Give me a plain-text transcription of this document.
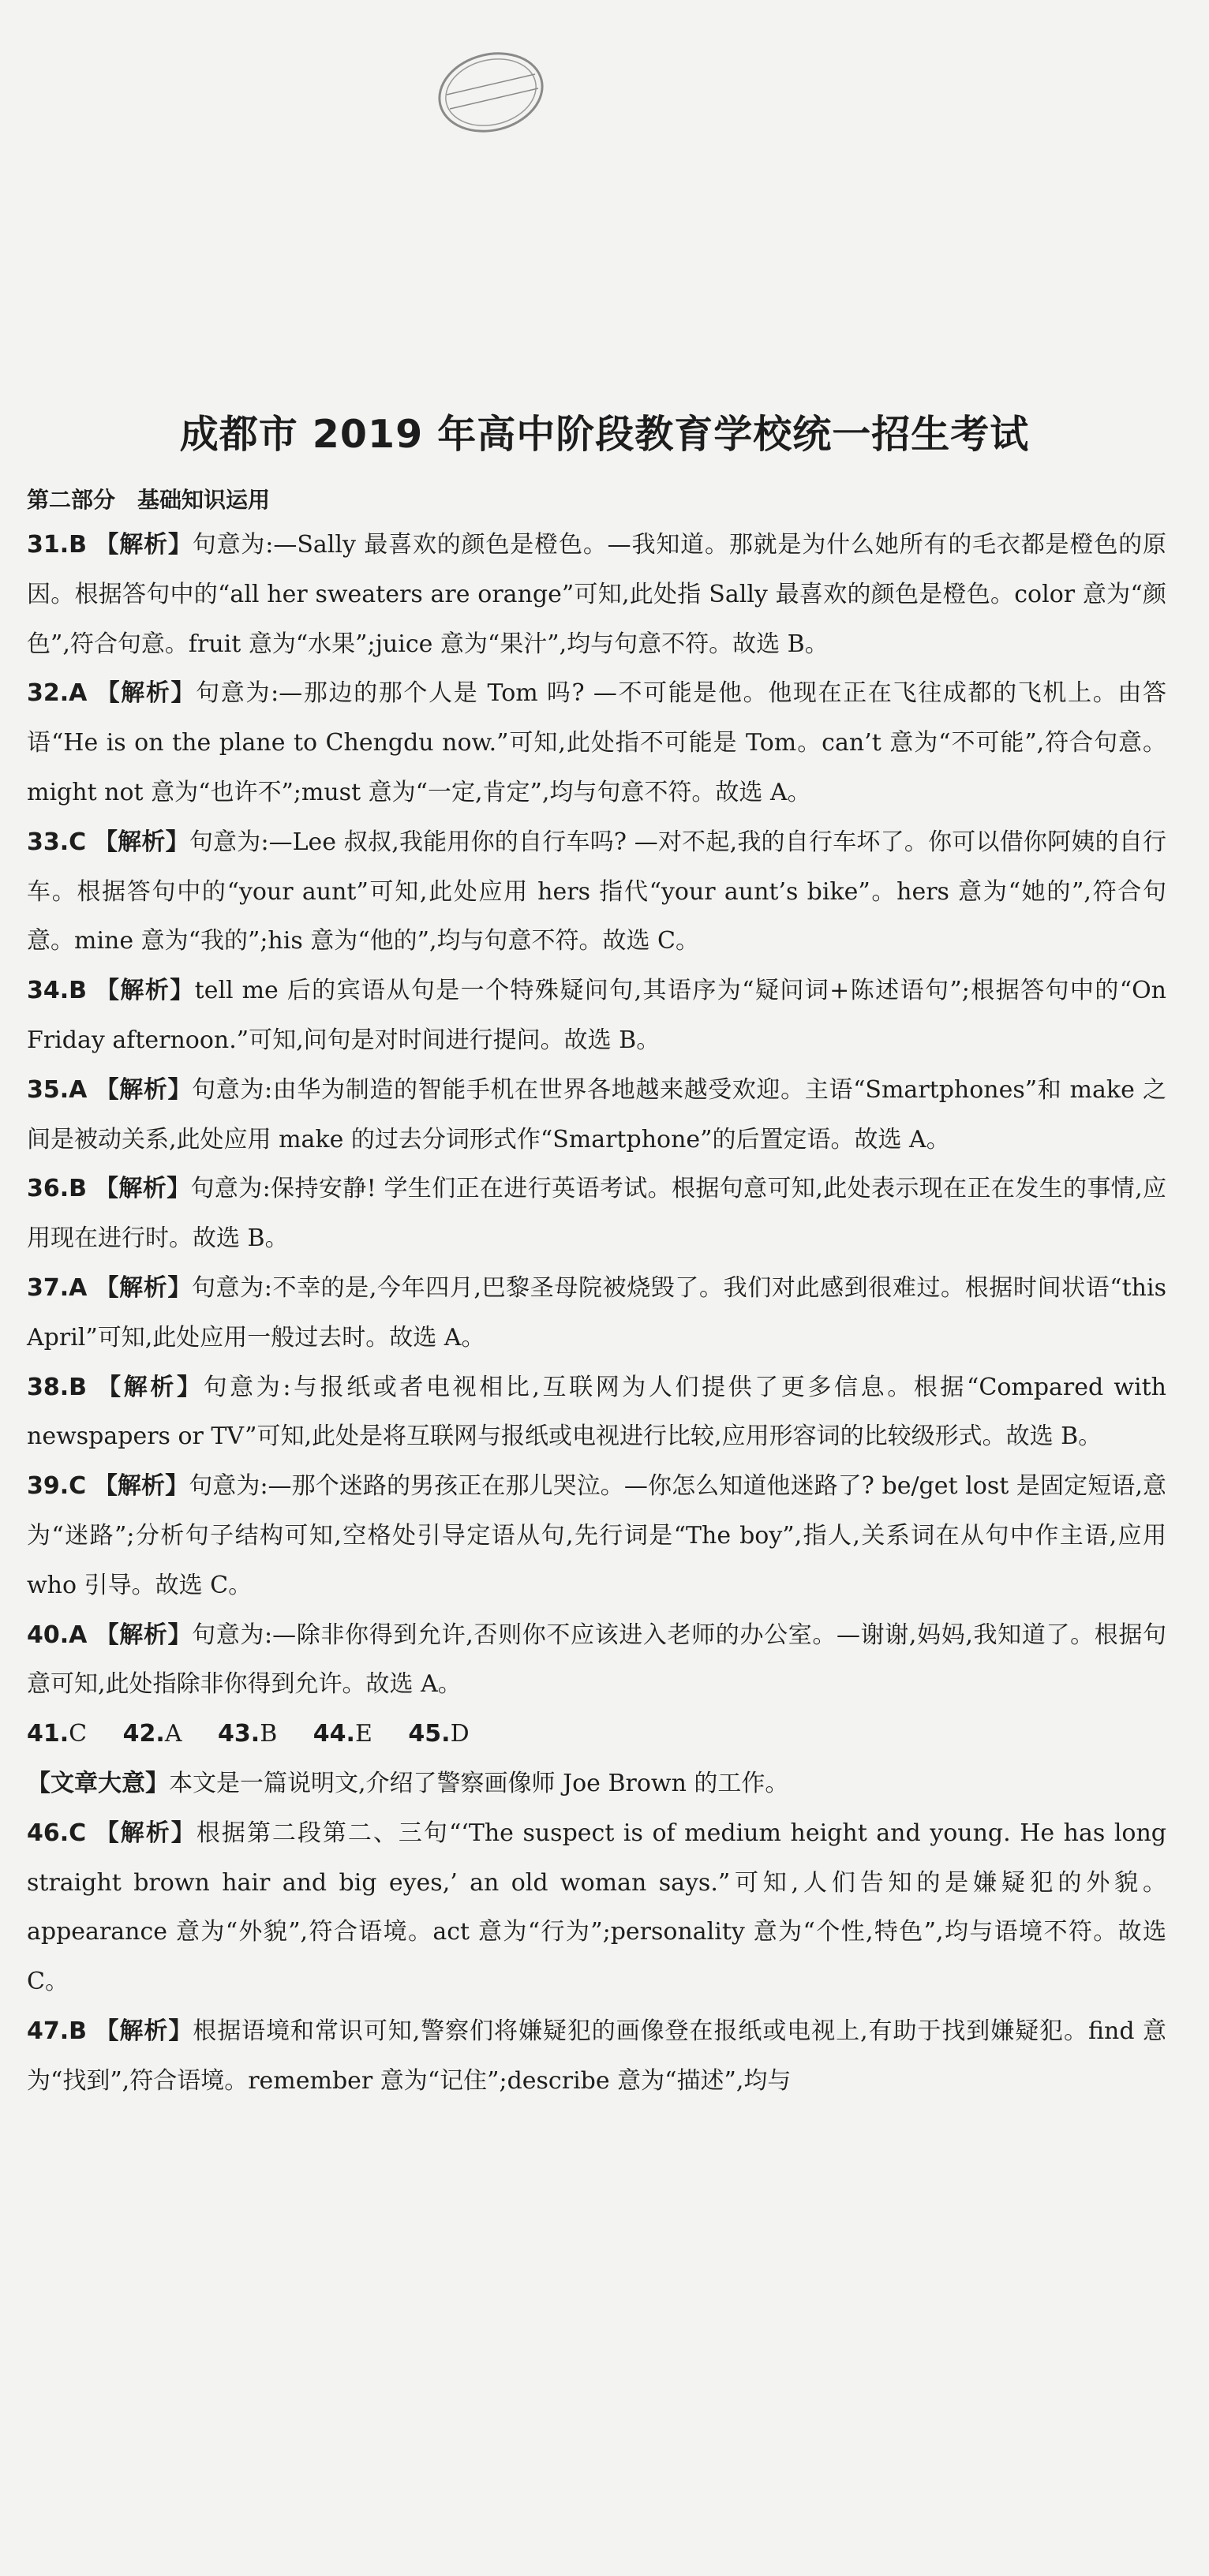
成都市 2019 年高中阶段教育学校统一招生考试
第二部分　基础知识运用
31.B 【解析】句意为:—Sally 最喜欢的颜色是橙色。—我知道。那就是为什么她所有的毛衣都是橙色的原因。根据答句中的“all her sweaters are orange”可知,此处指 Sally 最喜欢的颜色是橙色。color 意为“颜色”,符合句意。fruit 意为“水果”;juice 意为“果汁”,均与句意不符。故选 B。
32.A 【解析】句意为:—那边的那个人是 Tom 吗? —不可能是他。他现在正在飞往成都的飞机上。由答语“He is on the plane to Chengdu now.”可知,此处指不可能是 Tom。can’t 意为“不可能”,符合句意。might not 意为“也许不”;must 意为“一定,肯定”,均与句意不符。故选 A。
33.C 【解析】句意为:—Lee 叔叔,我能用你的自行车吗? —对不起,我的自行车坏了。你可以借你阿姨的自行车。根据答句中的“your aunt”可知,此处应用 hers 指代“your aunt’s bike”。hers 意为“她的”,符合句意。mine 意为“我的”;his 意为“他的”,均与句意不符。故选 C。
34.B 【解析】tell me 后的宾语从句是一个特殊疑问句,其语序为“疑问词+陈述语句”;根据答句中的“On Friday afternoon.”可知,问句是对时间进行提问。故选 B。
35.A 【解析】句意为:由华为制造的智能手机在世界各地越来越受欢迎。主语“Smartphones”和 make 之间是被动关系,此处应用 make 的过去分词形式作“Smartphone”的后置定语。故选 A。
36.B 【解析】句意为:保持安静! 学生们正在进行英语考试。根据句意可知,此处表示现在正在发生的事情,应用现在进行时。故选 B。
37.A 【解析】句意为:不幸的是,今年四月,巴黎圣母院被烧毁了。我们对此感到很难过。根据时间状语“this April”可知,此处应用一般过去时。故选 A。
38.B 【解析】句意为:与报纸或者电视相比,互联网为人们提供了更多信息。根据“Compared with newspapers or TV”可知,此处是将互联网与报纸或电视进行比较,应用形容词的比较级形式。故选 B。
39.C 【解析】句意为:—那个迷路的男孩正在那儿哭泣。—你怎么知道他迷路了? be/get lost 是固定短语,意为“迷路”;分析句子结构可知,空格处引导定语从句,先行词是“The boy”,指人,关系词在从句中作主语,应用 who 引导。故选 C。
40.A 【解析】句意为:—除非你得到允许,否则你不应该进入老师的办公室。—谢谢,妈妈,我知道了。根据句意可知,此处指除非你得到允许。故选 A。
41.C 42.A 43.B 44.E 45.D
【文章大意】本文是一篇说明文,介绍了警察画像师 Joe Brown 的工作。
46.C 【解析】根据第二段第二、三句“‘The suspect is of medium height and young. He has long straight brown hair and big eyes,’ an old woman says.”可知,人们告知的是嫌疑犯的外貌。appearance 意为“外貌”,符合语境。act 意为“行为”;personality 意为“个性,特色”,均与语境不符。故选 C。
47.B 【解析】根据语境和常识可知,警察们将嫌疑犯的画像登在报纸或电视上,有助于找到嫌疑犯。find 意为“找到”,符合语境。remember 意为“记住”;describe 意为“描述”,均与
